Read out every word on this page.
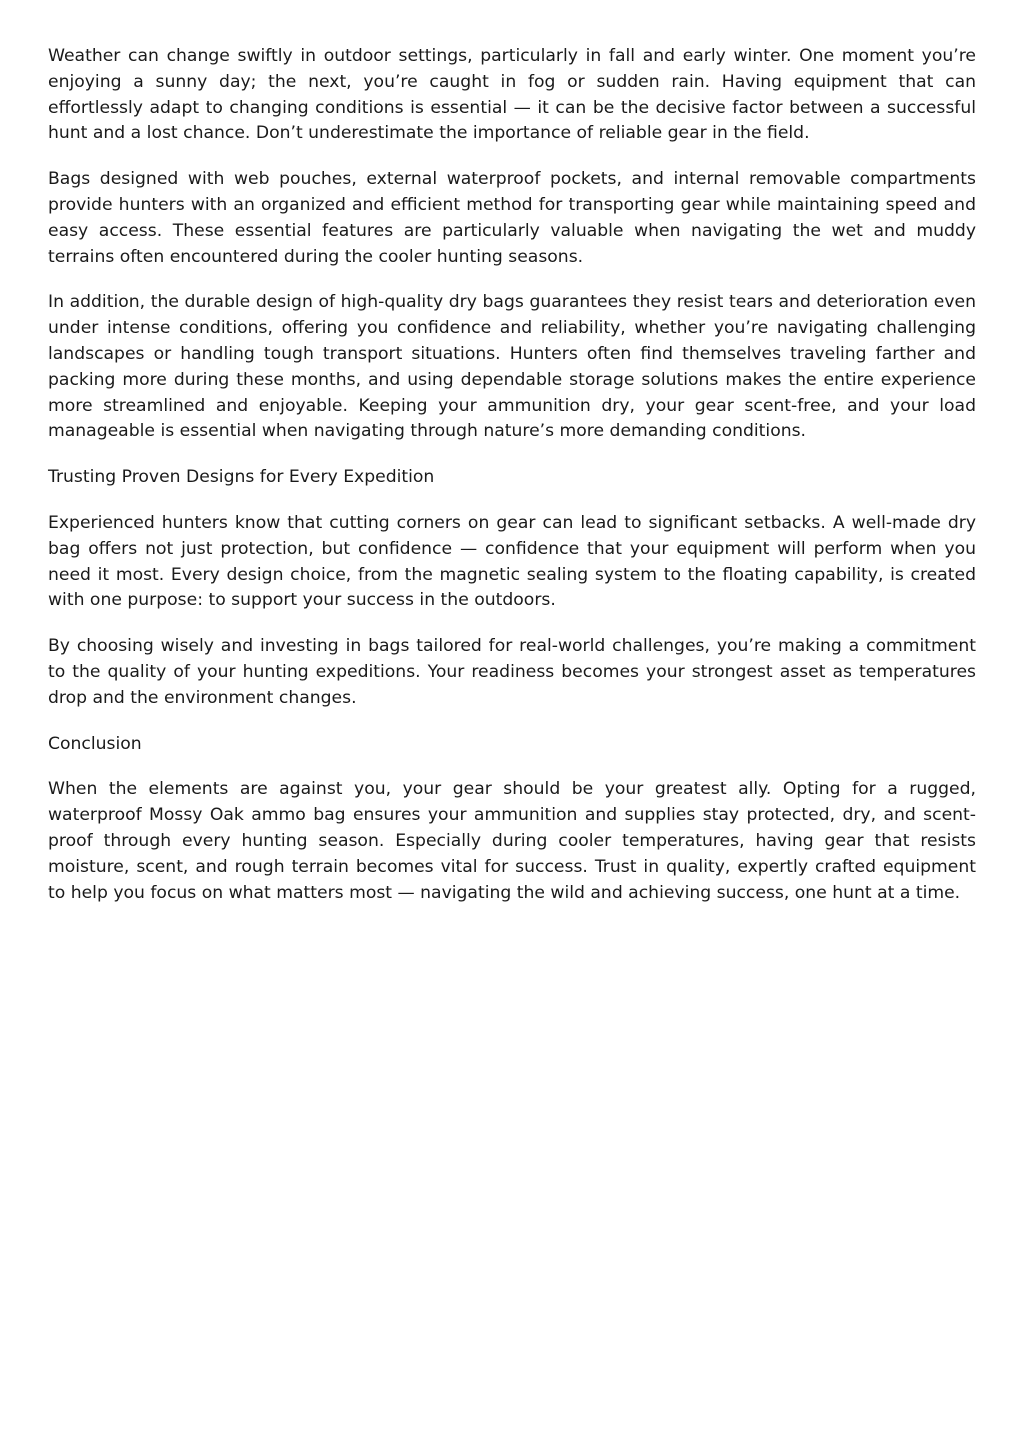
Weather can change swiftly in outdoor settings, particularly in fall and early winter. One moment you’re enjoying a sunny day; the next, you’re caught in fog or sudden rain. Having equipment that can effortlessly adapt to changing conditions is essential — it can be the decisive factor between a successful hunt and a lost chance. Don’t underestimate the importance of reliable gear in the field.

Bags designed with web pouches, external waterproof pockets, and internal removable compartments provide hunters with an organized and efficient method for transporting gear while maintaining speed and easy access. These essential features are particularly valuable when navigating the wet and muddy terrains often encountered during the cooler hunting seasons.

In addition, the durable design of high-quality dry bags guarantees they resist tears and deterioration even under intense conditions, offering you confidence and reliability, whether you’re navigating challenging landscapes or handling tough transport situations. Hunters often find themselves traveling farther and packing more during these months, and using dependable storage solutions makes the entire experience more streamlined and enjoyable. Keeping your ammunition dry, your gear scent-free, and your load manageable is essential when navigating through nature’s more demanding conditions.

Trusting Proven Designs for Every Expedition

Experienced hunters know that cutting corners on gear can lead to significant setbacks. A well-made dry bag offers not just protection, but confidence — confidence that your equipment will perform when you need it most. Every design choice, from the magnetic sealing system to the floating capability, is created with one purpose: to support your success in the outdoors.

By choosing wisely and investing in bags tailored for real-world challenges, you’re making a commitment to the quality of your hunting expeditions. Your readiness becomes your strongest asset as temperatures drop and the environment changes.

Conclusion

When the elements are against you, your gear should be your greatest ally. Opting for a rugged, waterproof Mossy Oak ammo bag ensures your ammunition and supplies stay protected, dry, and scent-proof through every hunting season. Especially during cooler temperatures, having gear that resists moisture, scent, and rough terrain becomes vital for success. Trust in quality, expertly crafted equipment to help you focus on what matters most — navigating the wild and achieving success, one hunt at a time.
